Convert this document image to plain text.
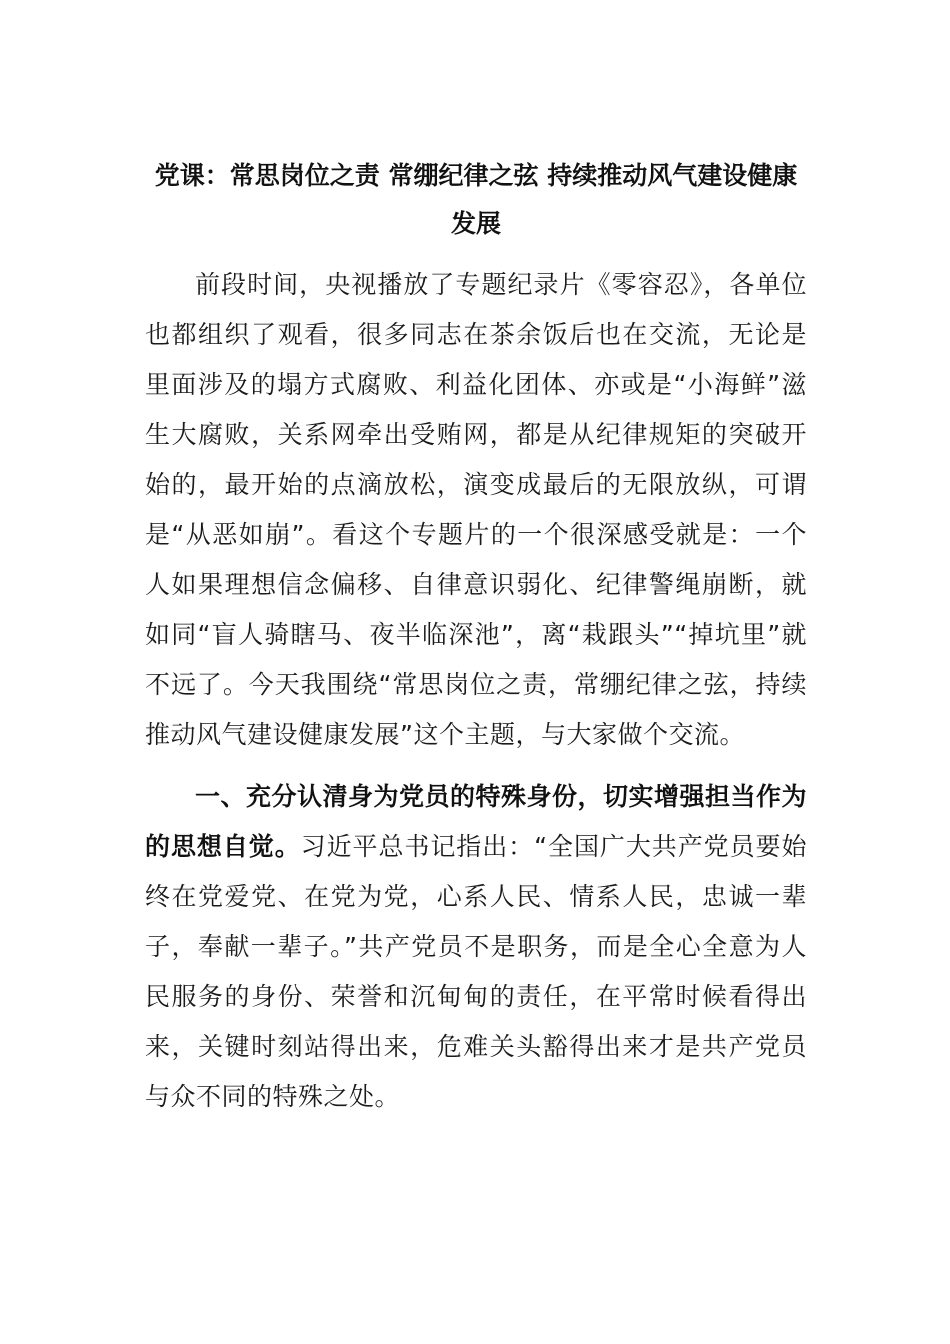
党课：常思岗位之责 常绷纪律之弦 持续推动风气建设健康发展

前段时间，央视播放了专题纪录片《零容忍》，各单位也都组织了观看，很多同志在茶余饭后也在交流，无论是里面涉及的塌方式腐败、利益化团体、亦或是“小海鲜”滋生大腐败，关系网牵出受贿网，都是从纪律规矩的突破开始的，最开始的点滴放松，演变成最后的无限放纵，可谓是“从恶如崩”。看这个专题片的一个很深感受就是：一个人如果理想信念偏移、自律意识弱化、纪律警绳崩断，就如同“盲人骑瞎马、夜半临深池”，离“栽跟头”“掉坑里”就不远了。今天我围绕“常思岗位之责，常绷纪律之弦，持续推动风气建设健康发展”这个主题，与大家做个交流。

一、充分认清身为党员的特殊身份，切实增强担当作为的思想自觉。习近平总书记指出：“全国广大共产党员要始终在党爱党、在党为党，心系人民、情系人民，忠诚一辈子，奉献一辈子。”共产党员不是职务，而是全心全意为人民服务的身份、荣誉和沉甸甸的责任，在平常时候看得出来，关键时刻站得出来，危难关头豁得出来才是共产党员与众不同的特殊之处。
